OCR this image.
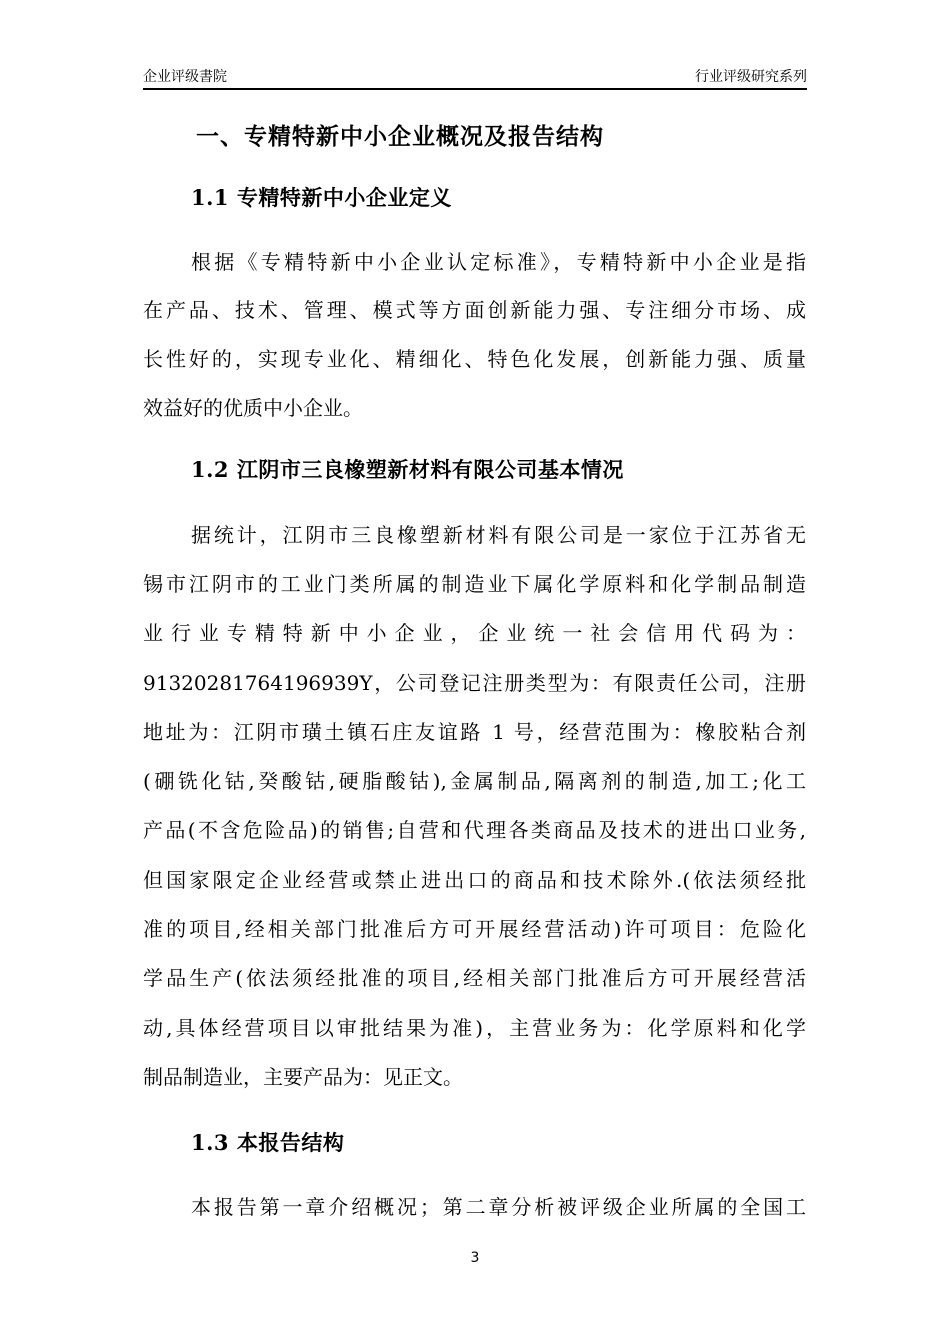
企业评级書院	行业评级研究系列
一、专精特新中小企业概况及报告结构
1.1 专精特新中小企业定义
根据《专精特新中小企业认定标准》，专精特新中小企业是指
在产品、技术、管理、模式等方面创新能力强、专注细分市场、成
长性好的，实现专业化、精细化、特色化发展，创新能力强、质量
效益好的优质中小企业。
1.2 江阴市三良橡塑新材料有限公司基本情况
据统计，江阴市三良橡塑新材料有限公司是一家位于江苏省无
锡市江阴市的工业门类所属的制造业下属化学原料和化学制品制造
业行业专精特新中小企业，企业统一社会信用代码为：
91320281764196939Y，公司登记注册类型为：有限责任公司，注册
地址为：江阴市璜土镇石庄友谊路 1 号，经营范围为：橡胶粘合剂
(硼铣化钴,癸酸钴,硬脂酸钴),金属制品,隔离剂的制造,加工;化工
产品(不含危险品)的销售;自营和代理各类商品及技术的进出口业务,
但国家限定企业经营或禁止进出口的商品和技术除外.(依法须经批
准的项目,经相关部门批准后方可开展经营活动)许可项目：危险化
学品生产(依法须经批准的项目,经相关部门批准后方可开展经营活
动,具体经营项目以审批结果为准)，主营业务为：化学原料和化学
制品制造业，主要产品为：见正文。
1.3 本报告结构
本报告第一章介绍概况；第二章分析被评级企业所属的全国工
3
